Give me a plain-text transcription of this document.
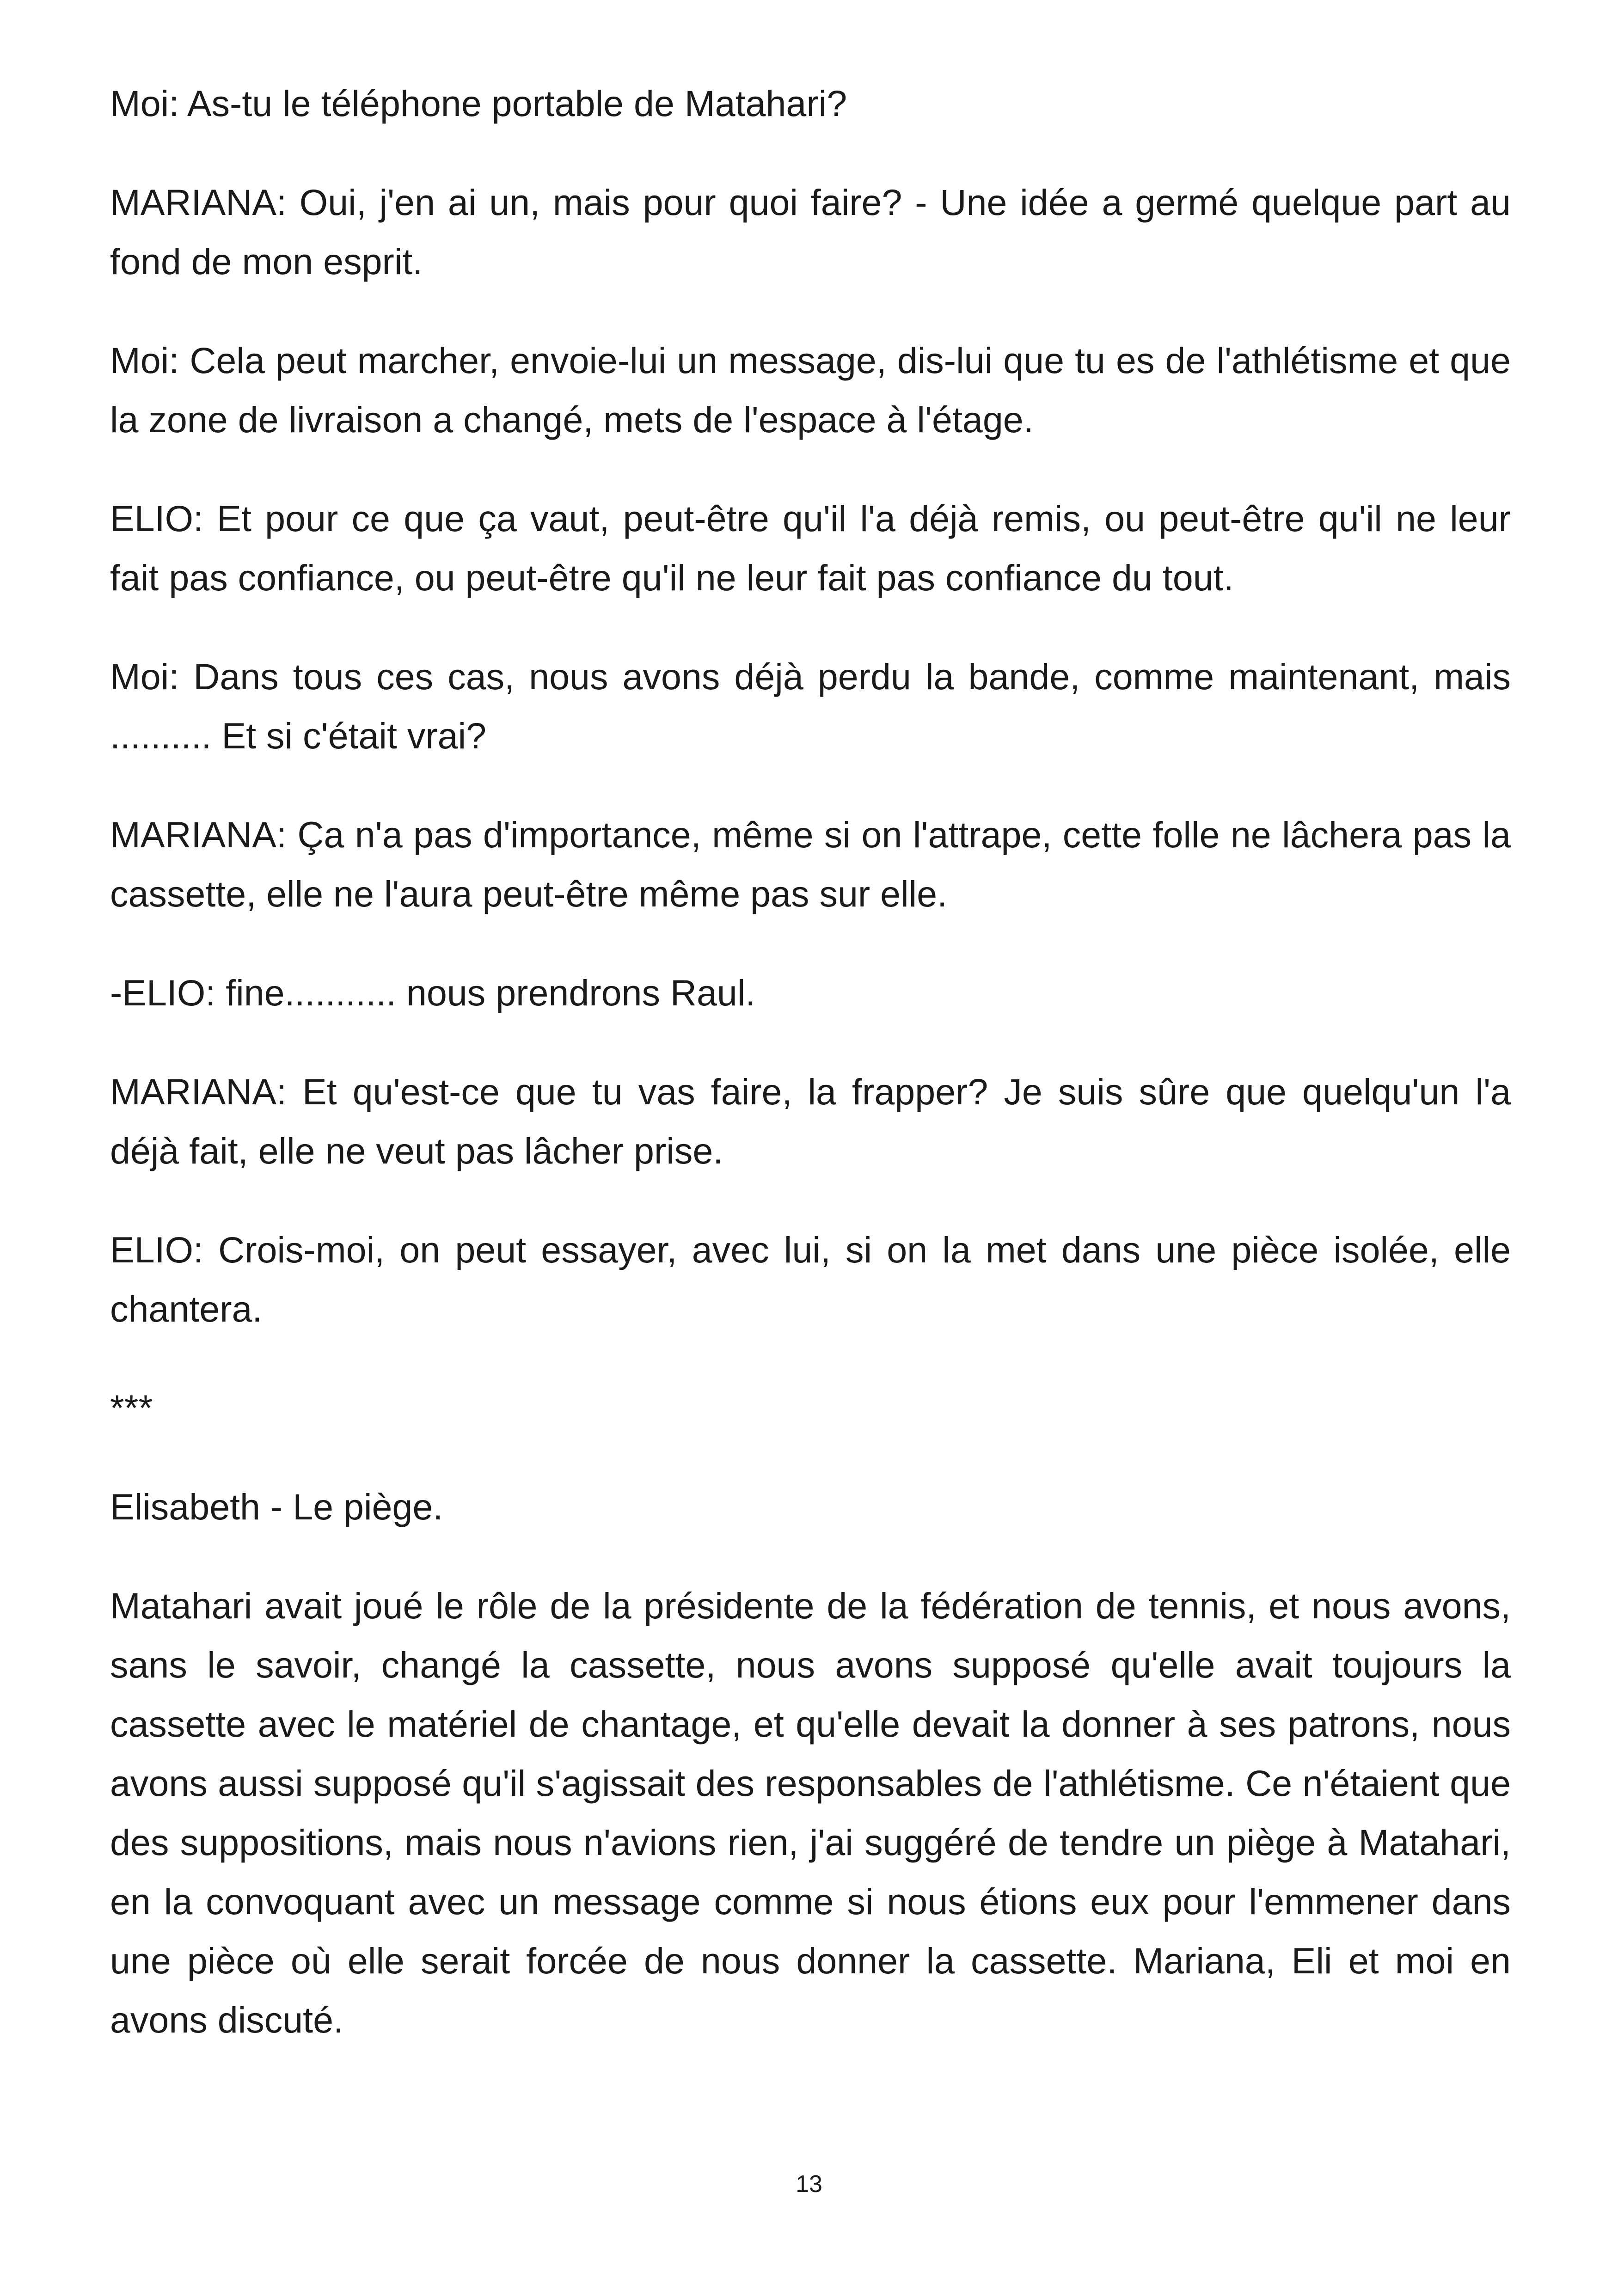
Moi: As-tu le téléphone portable de Matahari?

MARIANA: Oui, j'en ai un, mais pour quoi faire? - Une idée a germé quelque part au fond de mon esprit.

Moi: Cela peut marcher, envoie-lui un message, dis-lui que tu es de l'athlétisme et que la zone de livraison a changé, mets de l'espace à l'étage.

ELIO: Et pour ce que ça vaut, peut-être qu'il l'a déjà remis, ou peut-être qu'il ne leur fait pas confiance, ou peut-être qu'il ne leur fait pas confiance du tout.

Moi: Dans tous ces cas, nous avons déjà perdu la bande, comme maintenant, mais .......... Et si c'était vrai?

MARIANA: Ça n'a pas d'importance, même si on l'attrape, cette folle ne lâchera pas la cassette, elle ne l'aura peut-être même pas sur elle.

-ELIO: fine........... nous prendrons Raul.

MARIANA: Et qu'est-ce que tu vas faire, la frapper? Je suis sûre que quelqu'un l'a déjà fait, elle ne veut pas lâcher prise.

ELIO: Crois-moi, on peut essayer, avec lui, si on la met dans une pièce isolée, elle chantera.

***

Elisabeth - Le piège.

Matahari avait joué le rôle de la présidente de la fédération de tennis, et nous avons, sans le savoir, changé la cassette, nous avons supposé qu'elle avait toujours la cassette avec le matériel de chantage, et qu'elle devait la donner à ses patrons, nous avons aussi supposé qu'il s'agissait des responsables de l'athlétisme. Ce n'étaient que des suppositions, mais nous n'avions rien, j'ai suggéré de tendre un piège à Matahari, en la convoquant avec un message comme si nous étions eux pour l'emmener dans une pièce où elle serait forcée de nous donner la cassette. Mariana, Eli et moi en avons discuté.

13
